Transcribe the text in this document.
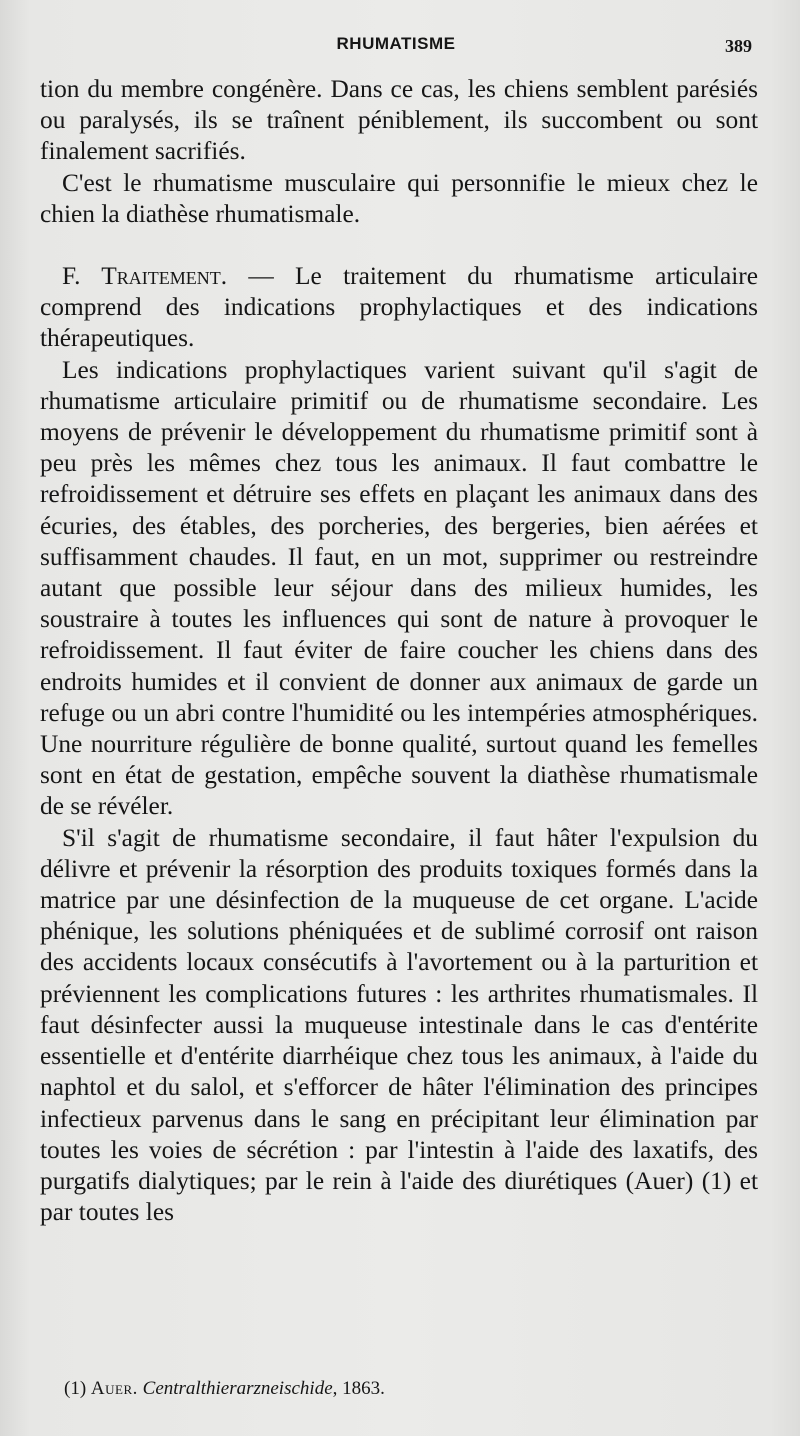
RHUMATISME	389

tion du membre congénère. Dans ce cas, les chiens semblent parésiés ou paralysés, ils se traînent péniblement, ils succombent ou sont finalement sacrifiés.

C'est le rhumatisme musculaire qui personnifie le mieux chez le chien la diathèse rhumatismale.

F. Traitement. — Le traitement du rhumatisme articulaire comprend des indications prophylactiques et des indications thérapeutiques.

Les indications prophylactiques varient suivant qu'il s'agit de rhumatisme articulaire primitif ou de rhumatisme secondaire. Les moyens de prévenir le développement du rhumatisme primitif sont à peu près les mêmes chez tous les animaux. Il faut combattre le refroidissement et détruire ses effets en plaçant les animaux dans des écuries, des étables, des porcheries, des bergeries, bien aérées et suffisamment chaudes. Il faut, en un mot, supprimer ou restreindre autant que possible leur séjour dans des milieux humides, les soustraire à toutes les influences qui sont de nature à provoquer le refroidissement. Il faut éviter de faire coucher les chiens dans des endroits humides et il convient de donner aux animaux de garde un refuge ou un abri contre l'humidité ou les intempéries atmosphériques. Une nourriture régulière de bonne qualité, surtout quand les femelles sont en état de gestation, empêche souvent la diathèse rhumatismale de se révéler.

S'il s'agit de rhumatisme secondaire, il faut hâter l'expulsion du délivre et prévenir la résorption des produits toxiques formés dans la matrice par une désinfection de la muqueuse de cet organe. L'acide phénique, les solutions phéniquées et de sublimé corrosif ont raison des accidents locaux consécutifs à l'avortement ou à la parturition et préviennent les complications futures : les arthrites rhumatismales. Il faut désinfecter aussi la muqueuse intestinale dans le cas d'entérite essentielle et d'entérite diarrhéique chez tous les animaux, à l'aide du naphtol et du salol, et s'efforcer de hâter l'élimination des principes infectieux parvenus dans le sang en précipitant leur élimination par toutes les voies de sécrétion : par l'intestin à l'aide des laxatifs, des purgatifs dialytiques; par le rein à l'aide des diurétiques (Auer) (1) et par toutes les

(1) Auer. Centralthierarzneischide, 1863.
